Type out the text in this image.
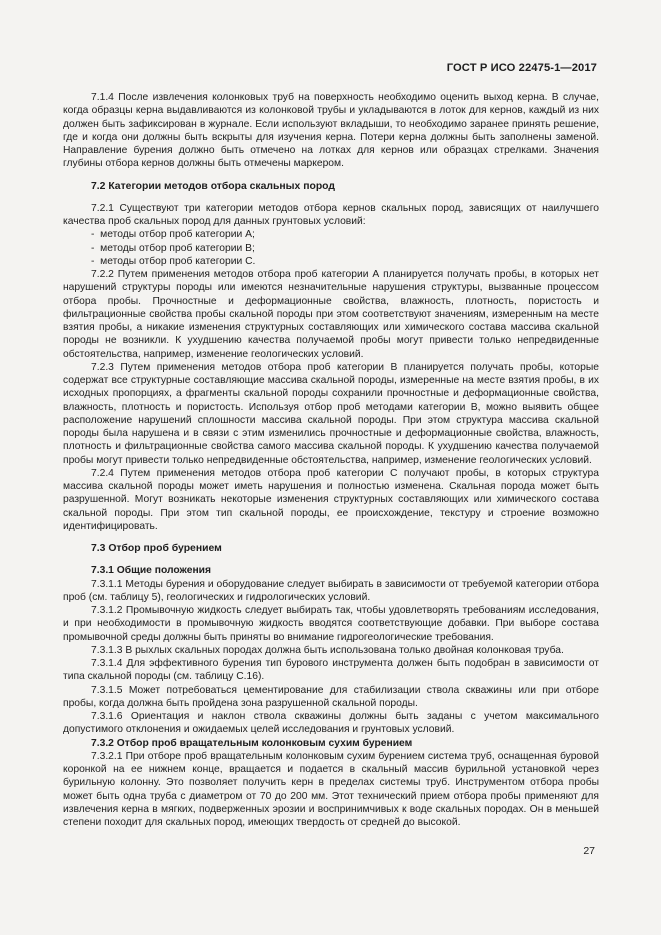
ГОСТ Р ИСО 22475-1—2017

7.1.4 После извлечения колонковых труб на поверхность необходимо оценить выход керна. В случае, когда образцы керна выдавливаются из колонковой трубы и укладываются в лоток для кернов, каждый из них должен быть зафиксирован в журнале. Если используют вкладыши, то необходимо заранее принять решение, где и когда они должны быть вскрыты для изучения керна. Потери керна должны быть заполнены заменой. Направление бурения должно быть отмечено на лотках для кернов или образцах стрелками. Значения глубины отбора кернов должны быть отмечены маркером.

7.2 Категории методов отбора скальных пород

7.2.1 Существуют три категории методов отбора кернов скальных пород, зависящих от наилучшего качества проб скальных пород для данных грунтовых условий:

-  методы отбор проб категории А;
-  методы отбор проб категории В;
-  методы отбор проб категории С.

7.2.2 Путем применения методов отбора проб категории А планируется получать пробы, в которых нет нарушений структуры породы или имеются незначительные нарушения структуры, вызванные процессом отбора пробы. Прочностные и деформационные свойства, влажность, плотность, пористость и фильтрационные свойства пробы скальной породы при этом соответствуют значениям, измеренным на месте взятия пробы, а никакие изменения структурных составляющих или химического состава массива скальной породы не возникли. К ухудшению качества получаемой пробы могут привести только непредвиденные обстоятельства, например, изменение геологических условий.

7.2.3 Путем применения методов отбора проб категории В планируется получать пробы, которые содержат все структурные составляющие массива скальной породы, измеренные на месте взятия пробы, в их исходных пропорциях, а фрагменты скальной породы сохранили прочностные и деформационные свойства, влажность, плотность и пористость. Используя отбор проб методами категории В, можно выявить общее расположение нарушений сплошности массива скальной породы. При этом структура массива скальной породы была нарушена и в связи с этим изменились прочностные и деформационные свойства, влажность, плотность и фильтрационные свойства самого массива скальной породы. К ухудшению качества получаемой пробы могут привести только непредвиденные обстоятельства, например, изменение геологических условий.

7.2.4 Путем применения методов отбора проб категории С получают пробы, в которых структура массива скальной породы может иметь нарушения и полностью изменена. Скальная порода может быть разрушенной. Могут возникать некоторые изменения структурных составляющих или химического состава скальной породы. При этом тип скальной породы, ее происхождение, текстуру и строение возможно идентифицировать.

7.3 Отбор проб бурением
7.3.1 Общие положения

7.3.1.1 Методы бурения и оборудование следует выбирать в зависимости от требуемой категории отбора проб (см. таблицу 5), геологических и гидрологических условий.

7.3.1.2 Промывочную жидкость следует выбирать так, чтобы удовлетворять требованиям исследования, и при необходимости в промывочную жидкость вводятся соответствующие добавки. При выборе состава промывочной среды должны быть приняты во внимание гидрогеологические требования.

7.3.1.3 В рыхлых скальных породах должна быть использована только двойная колонковая труба.

7.3.1.4 Для эффективного бурения тип бурового инструмента должен быть подобран в зависимости от типа скальной породы (см. таблицу С.16).

7.3.1.5 Может потребоваться цементирование для стабилизации ствола скважины или при отборе пробы, когда должна быть пройдена зона разрушенной скальной породы.

7.3.1.6 Ориентация и наклон ствола скважины должны быть заданы с учетом максимального допустимого отклонения и ожидаемых целей исследования и грунтовых условий.

7.3.2 Отбор проб вращательным колонковым сухим бурением

7.3.2.1 При отборе проб вращательным колонковым сухим бурением система труб, оснащенная буровой коронкой на ее нижнем конце, вращается и подается в скальный массив бурильной установкой через бурильную колонну. Это позволяет получить керн в пределах системы труб. Инструментом отбора пробы может быть одна труба с диаметром от 70 до 200 мм. Этот технический прием отбора пробы применяют для извлечения керна в мягких, подверженных эрозии и воспринимчивых к воде скальных породах. Он в меньшей степени походит для скальных пород, имеющих твердость от средней до высокой.

27
